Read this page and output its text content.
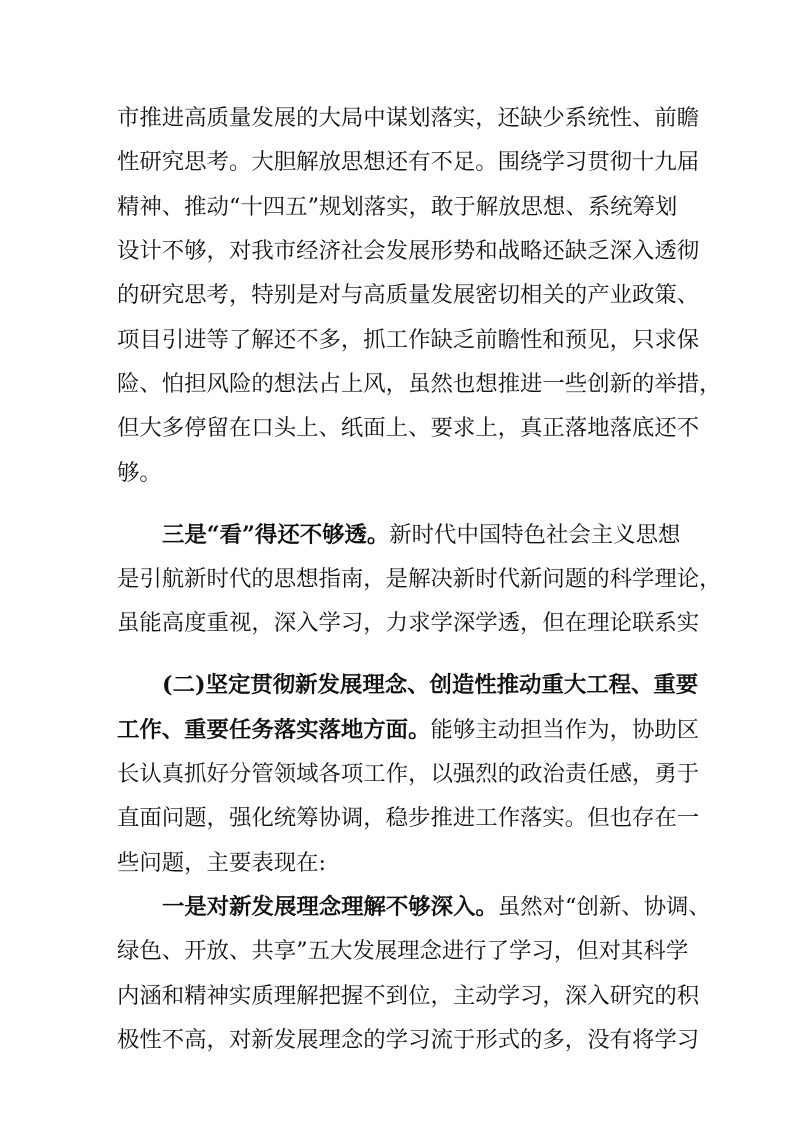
市推进高质量发展的大局中谋划落实，还缺少系统性、前瞻
性研究思考。大胆解放思想还有不足。围绕学习贯彻十九届
精神、推动“十四五”规划落实，敢于解放思想、系统筹划
设计不够，对我市经济社会发展形势和战略还缺乏深入透彻
的研究思考，特别是对与高质量发展密切相关的产业政策、
项目引进等了解还不多，抓工作缺乏前瞻性和预见，只求保
险、怕担风险的想法占上风，虽然也想推进一些创新的举措，
但大多停留在口头上、纸面上、要求上，真正落地落底还不
够。
三是“看”得还不够透。新时代中国特色社会主义思想
是引航新时代的思想指南，是解决新时代新问题的科学理论，
虽能高度重视，深入学习，力求学深学透，但在理论联系实
(二)坚定贯彻新发展理念、创造性推动重大工程、重要
工作、重要任务落实落地方面。能够主动担当作为，协助区
长认真抓好分管领域各项工作，以强烈的政治责任感，勇于
直面问题，强化统筹协调，稳步推进工作落实。但也存在一
些问题，主要表现在:
一是对新发展理念理解不够深入。虽然对“创新、协调、
绿色、开放、共享”五大发展理念进行了学习，但对其科学
内涵和精神实质理解把握不到位，主动学习，深入研究的积
极性不高，对新发展理念的学习流于形式的多，没有将学习
